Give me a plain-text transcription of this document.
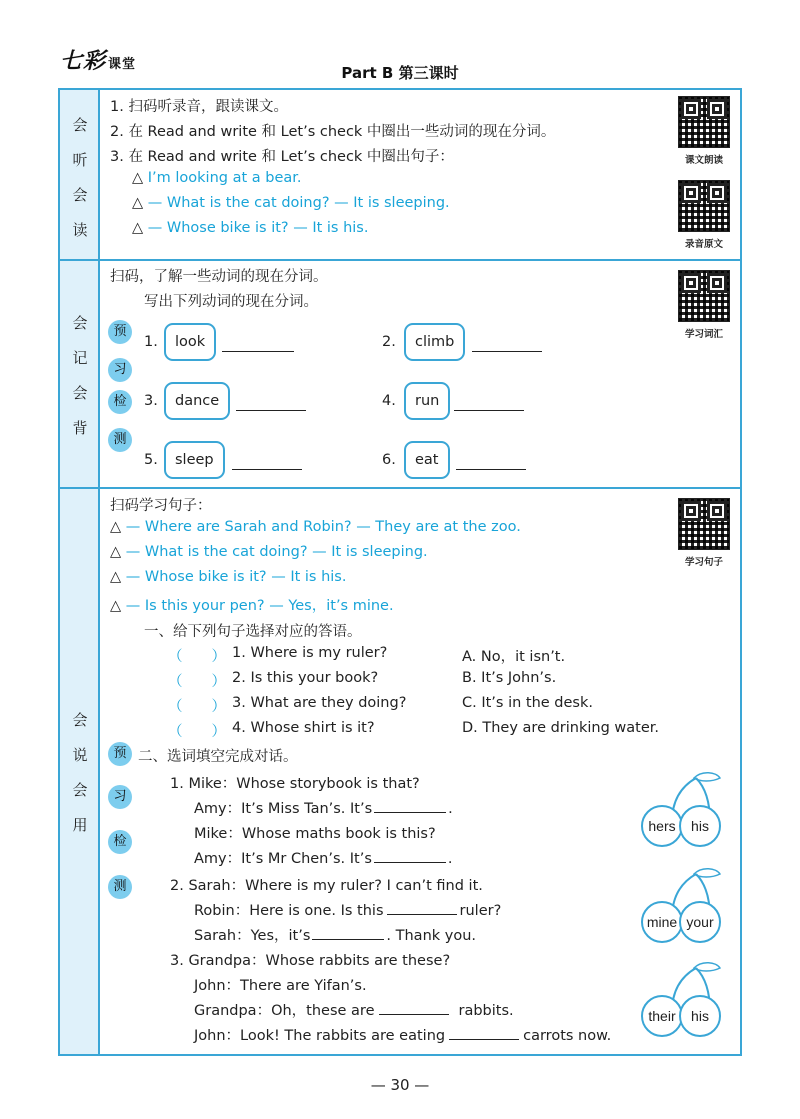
七彩 课堂	Part B 第三课时
会
听
会
读
1. 扫码听录音，跟读课文。
2. 在 Read and write 和 Let’s check 中圈出一些动词的现在分词。
3. 在 Read and write 和 Let’s check 中圈出句子：
△ I’m looking at a bear.
△ — What is the cat doing? — It is sleeping.
△ — Whose bike is it? — It is his.
课文朗读
录音原文
会
记
会
背
扫码，了解一些动词的现在分词。
写出下列动词的现在分词。
预
习
检
测
1.	look	2.	climb
3.	dance	4.	run
5.	sleep	6.	eat
学习词汇
会
说
会
用
扫码学习句子：
△ — Where are Sarah and Robin? — They are at the zoo.
△ — What is the cat doing? — It is sleeping.
△ — Whose bike is it? — It is his.
△ — Is this your pen? — Yes，it’s mine.
学习句子
一、给下列句子选择对应的答语。
（　　） 1. Where is my ruler?	A. No，it isn’t.
（　　） 2. Is this your book?	B. It’s John’s.
（　　） 3. What are they doing?	C. It’s in the desk.
（　　） 4. Whose shirt is it?	D. They are drinking water.
预
习
检
测
二、选词填空完成对话。
1. Mike：Whose storybook is that?
Amy：It’s Miss Tan’s. It’s	.
Mike：Whose maths book is this?
Amy：It’s Mr Chen’s. It’s	.
hers his
2. Sarah：Where is my ruler? I can’t find it.
Robin：Here is one. Is this	ruler?
Sarah：Yes，it’s	. Thank you.
mine your
3. Grandpa：Whose rabbits are these?
John：There are Yifan’s.
Grandpa：Oh，these are	rabbits.
John：Look! The rabbits are eating	carrots now.
their his
— 30 —
